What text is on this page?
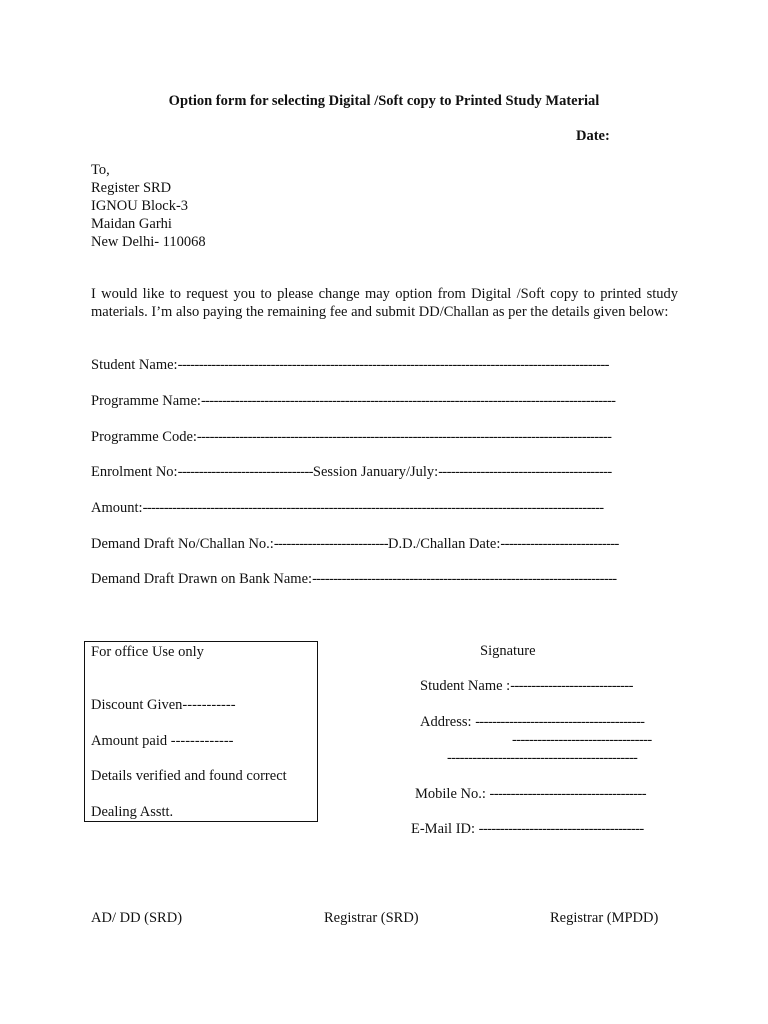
Option form for selecting Digital /Soft copy to Printed Study Material
Date:
To,
Register SRD
IGNOU Block-3
Maidan Garhi
New Delhi- 110068
I would like to request you to please change may option from Digital /Soft copy to printed study materials. I’m also paying the remaining fee and submit DD/Challan as per the details given below:
Student Name:------------------------------------------------------------------------------------------------------
Programme Name:--------------------------------------------------------------------------------------------------
Programme Code:--------------------------------------------------------------------------------------------------
Enrolment No:--------------------------------Session January/July:-----------------------------------------
Amount:-------------------------------------------------------------------------------------------------------------
Demand Draft No/Challan No.:---------------------------D.D./Challan Date:----------------------------
Demand Draft Drawn on Bank Name:------------------------------------------------------------------------
For office Use only
Discount Given-----------
Amount paid -------------
Details verified and found correct
Dealing Asstt.
Signature
Student Name :-----------------------------
Address: ----------------------------------------
---------------------------------
---------------------------------------------
Mobile No.: -------------------------------------
E-Mail ID: ---------------------------------------
AD/ DD (SRD)	Registrar (SRD)	Registrar (MPDD)
